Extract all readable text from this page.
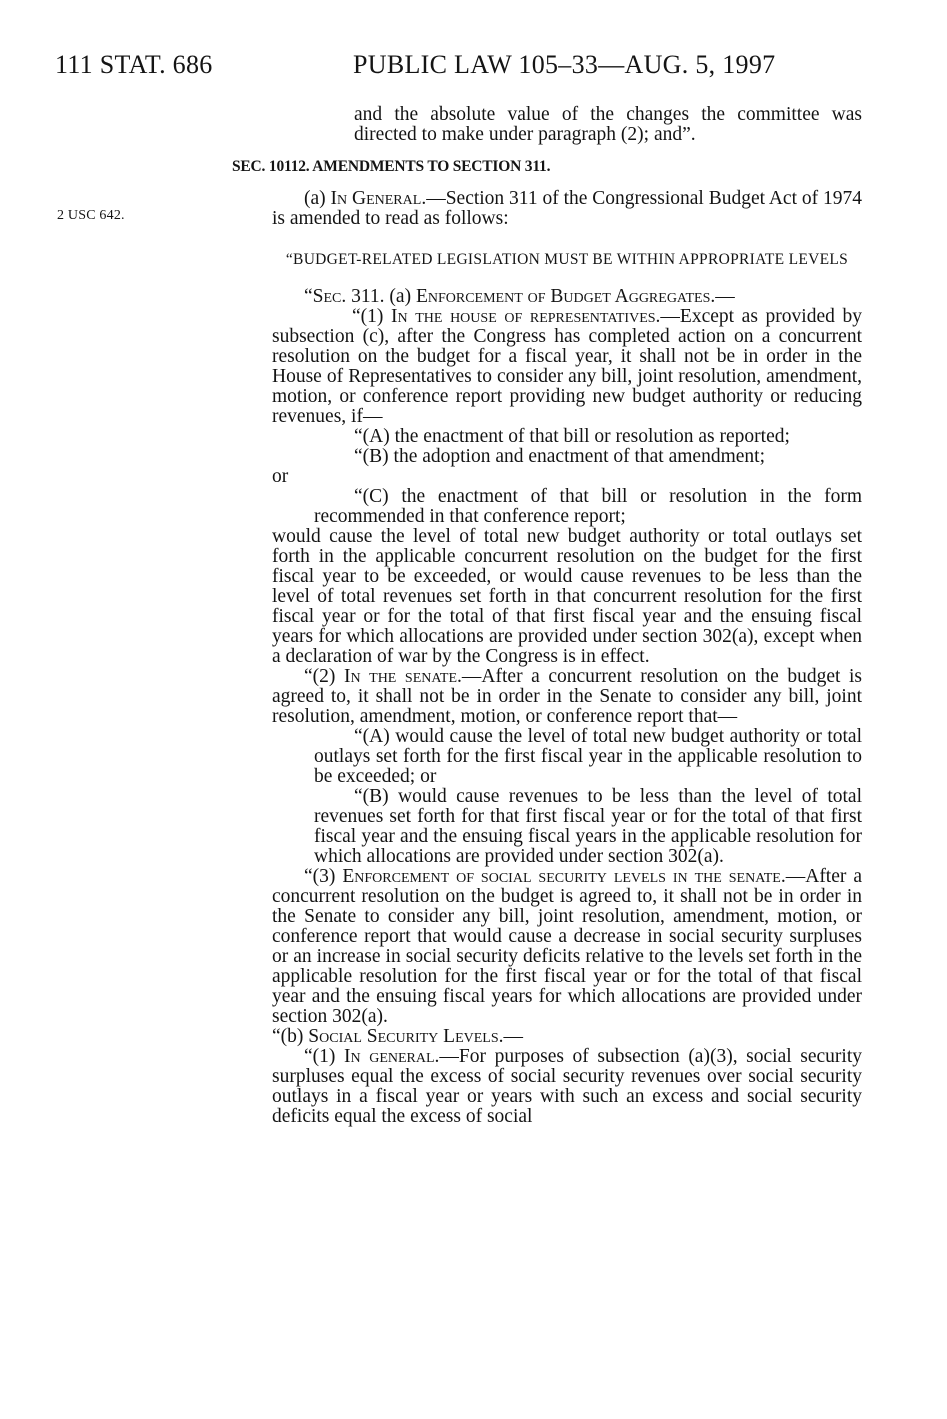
111 STAT. 686	PUBLIC LAW 105–33—AUG. 5, 1997
2 USC 642.

and the absolute value of the changes the committee was directed to make under paragraph (2); and”.

SEC. 10112. AMENDMENTS TO SECTION 311.

(a) In General.—Section 311 of the Congressional Budget Act of 1974 is amended to read as follows:

“BUDGET-RELATED LEGISLATION MUST BE WITHIN APPROPRIATE LEVELS

“Sec. 311. (a) Enforcement of Budget Aggregates.—

“(1) In the house of representatives.—Except as provided by subsection (c), after the Congress has completed action on a concurrent resolution on the budget for a fiscal year, it shall not be in order in the House of Representatives to consider any bill, joint resolution, amendment, motion, or conference report providing new budget authority or reducing revenues, if—

“(A) the enactment of that bill or resolution as reported;

“(B) the adoption and enactment of that amendment;

or

“(C) the enactment of that bill or resolution in the form recommended in that conference report;

would cause the level of total new budget authority or total outlays set forth in the applicable concurrent resolution on the budget for the first fiscal year to be exceeded, or would cause revenues to be less than the level of total revenues set forth in that concurrent resolution for the first fiscal year or for the total of that first fiscal year and the ensuing fiscal years for which allocations are provided under section 302(a), except when a declaration of war by the Congress is in effect.

“(2) In the senate.—After a concurrent resolution on the budget is agreed to, it shall not be in order in the Senate to consider any bill, joint resolution, amendment, motion, or conference report that—

“(A) would cause the level of total new budget authority or total outlays set forth for the first fiscal year in the applicable resolution to be exceeded; or

“(B) would cause revenues to be less than the level of total revenues set forth for that first fiscal year or for the total of that first fiscal year and the ensuing fiscal years in the applicable resolution for which allocations are provided under section 302(a).

“(3) Enforcement of social security levels in the senate.—After a concurrent resolution on the budget is agreed to, it shall not be in order in the Senate to consider any bill, joint resolution, amendment, motion, or conference report that would cause a decrease in social security surpluses or an increase in social security deficits relative to the levels set forth in the applicable resolution for the first fiscal year or for the total of that fiscal year and the ensuing fiscal years for which allocations are provided under section 302(a).

“(b) Social Security Levels.—

“(1) In general.—For purposes of subsection (a)(3), social security surpluses equal the excess of social security revenues over social security outlays in a fiscal year or years with such an excess and social security deficits equal the excess of social
